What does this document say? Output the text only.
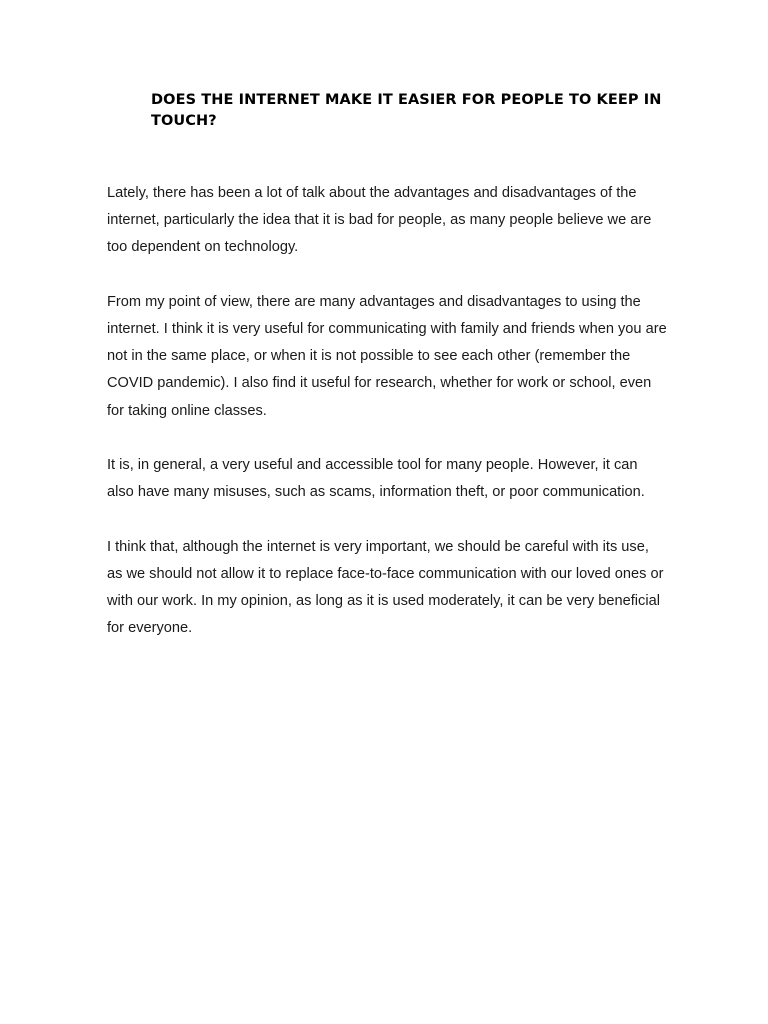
DOES THE INTERNET MAKE IT EASIER FOR PEOPLE TO KEEP IN TOUCH?

Lately, there has been a lot of talk about the advantages and disadvantages of the internet, particularly the idea that it is bad for people, as many people believe we are too dependent on technology.

From my point of view, there are many advantages and disadvantages to using the internet. I think it is very useful for communicating with family and friends when you are not in the same place, or when it is not possible to see each other (remember the COVID pandemic). I also find it useful for research, whether for work or school, even for taking online classes.

It is, in general, a very useful and accessible tool for many people. However, it can also have many misuses, such as scams, information theft, or poor communication.

I think that, although the internet is very important, we should be careful with its use, as we should not allow it to replace face-to-face communication with our loved ones or with our work. In my opinion, as long as it is used moderately, it can be very beneficial for everyone.
